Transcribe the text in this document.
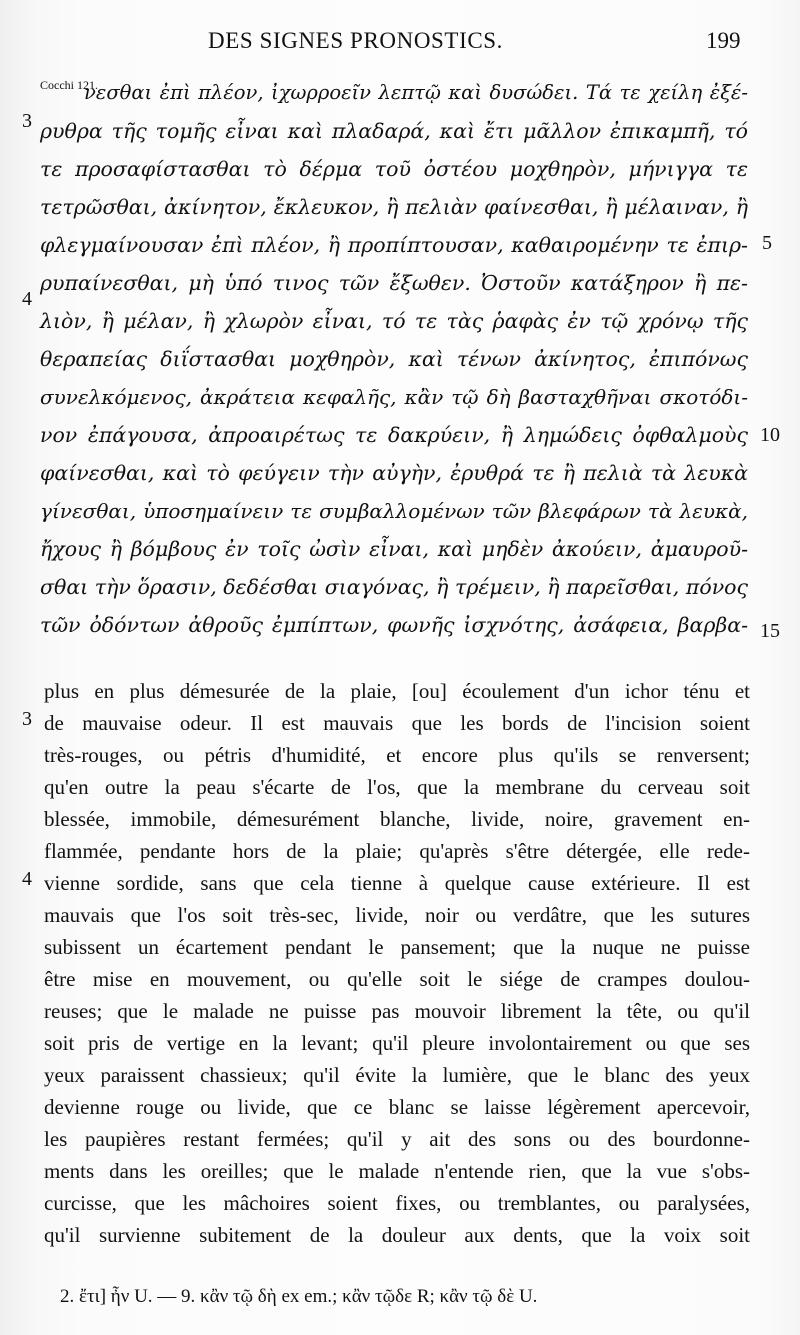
DES SIGNES PRONOSTICS.	199
Cocchi 121.
3
4
5
10
15
3
4
νεσθαι ἐπὶ πλέον, ἰχωρροεῖν λεπτῷ καὶ δυσώδει. Τά τε χείλη ἐξέ-
ρυθρα τῆς τομῆς εἶναι καὶ πλαδαρά, καὶ ἔτι μᾶλλον ἐπικαμπῆ, τό
τε προσαφίστασθαι τὸ δέρμα τοῦ ὀστέου μοχθηρὸν, μήνιγγα τε
τετρῶσθαι, ἀκίνητον, ἔκλευκον, ἢ πελιὰν φαίνεσθαι, ἢ μέλαιναν, ἢ
φλεγμαίνουσαν ἐπὶ πλέον, ἢ προπίπτουσαν, καθαιρομένην τε ἐπιρ-
ρυπαίνεσθαι, μὴ ὑπό τινος τῶν ἔξωθεν. Ὀστοῦν κατάξηρον ἢ πε-
λιὸν, ἢ μέλαν, ἢ χλωρὸν εἶναι, τό τε τὰς ῥαφὰς ἐν τῷ χρόνῳ τῆς
θεραπείας διΐστασθαι μοχθηρὸν, καὶ τένων ἀκίνητος, ἐπιπόνως
συνελκόμενος, ἀκράτεια κεφαλῆς, κἂν τῷ δὴ βασταχθῆναι σκοτόδι-
νον ἐπάγουσα, ἀπροαιρέτως τε δακρύειν, ἢ λημώδεις ὀφθαλμοὺς
φαίνεσθαι, καὶ τὸ φεύγειν τὴν αὐγὴν, ἐρυθρά τε ἢ πελιὰ τὰ λευκὰ
γίνεσθαι, ὑποσημαίνειν τε συμβαλλομένων τῶν βλεφάρων τὰ λευκὰ,
ἤχους ἢ βόμβους ἐν τοῖς ὠσὶν εἶναι, καὶ μηδὲν ἀκούειν, ἀμαυροῦ-
σθαι τὴν ὅρασιν, δεδέσθαι σιαγόνας, ἢ τρέμειν, ἢ παρεῖσθαι, πόνος
τῶν ὀδόντων ἀθροῦς ἐμπίπτων, φωνῆς ἰσχνότης, ἀσάφεια, βαρβα-
plus en plus démesurée de la plaie, [ou] écoulement d'un ichor ténu et
de mauvaise odeur. Il est mauvais que les bords de l'incision soient
très-rouges, ou pétris d'humidité, et encore plus qu'ils se renversent;
qu'en outre la peau s'écarte de l'os, que la membrane du cerveau soit
blessée, immobile, démesurément blanche, livide, noire, gravement en-
flammée, pendante hors de la plaie; qu'après s'être détergée, elle rede-
vienne sordide, sans que cela tienne à quelque cause extérieure. Il est
mauvais que l'os soit très-sec, livide, noir ou verdâtre, que les sutures
subissent un écartement pendant le pansement; que la nuque ne puisse
être mise en mouvement, ou qu'elle soit le siége de crampes doulou-
reuses; que le malade ne puisse pas mouvoir librement la tête, ou qu'il
soit pris de vertige en la levant; qu'il pleure involontairement ou que ses
yeux paraissent chassieux; qu'il évite la lumière, que le blanc des yeux
devienne rouge ou livide, que ce blanc se laisse légèrement apercevoir,
les paupières restant fermées; qu'il y ait des sons ou des bourdonne-
ments dans les oreilles; que le malade n'entende rien, que la vue s'obs-
curcisse, que les mâchoires soient fixes, ou tremblantes, ou paralysées,
qu'il survienne subitement de la douleur aux dents, que la voix soit
2. ἔτι] ἦν U. — 9. κἂν τῷ δὴ ex em.; κἂν τῷδε R; κἂν τῷ δὲ U.
